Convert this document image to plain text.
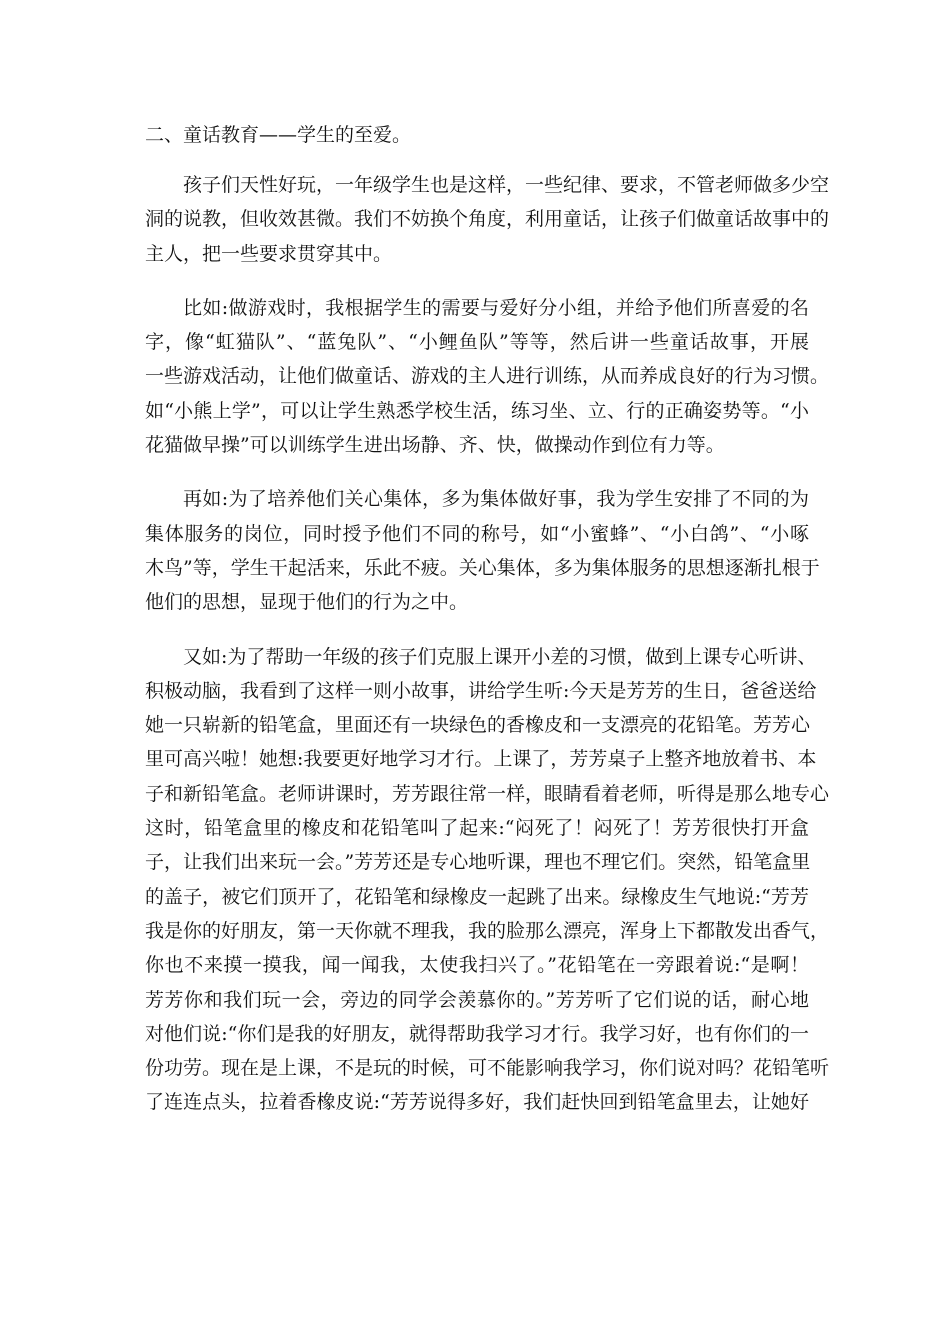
二、童话教育——学生的至爱。
孩子们天性好玩，一年级学生也是这样，一些纪律、要求，不管老师做多少空
洞的说教，但收效甚微。我们不妨换个角度，利用童话，让孩子们做童话故事中的
主人，把一些要求贯穿其中。
比如:做游戏时，我根据学生的需要与爱好分小组，并给予他们所喜爱的名
字，像“虹猫队”、“蓝兔队”、“小鲤鱼队”等等，然后讲一些童话故事，开展
一些游戏活动，让他们做童话、游戏的主人进行训练，从而养成良好的行为习惯。
如“小熊上学”，可以让学生熟悉学校生活，练习坐、立、行的正确姿势等。“小
花猫做早操”可以训练学生进出场静、齐、快，做操动作到位有力等。
再如:为了培养他们关心集体，多为集体做好事，我为学生安排了不同的为
集体服务的岗位，同时授予他们不同的称号，如“小蜜蜂”、“小白鸽”、“小啄
木鸟”等，学生干起活来，乐此不疲。关心集体，多为集体服务的思想逐渐扎根于
他们的思想，显现于他们的行为之中。
又如:为了帮助一年级的孩子们克服上课开小差的习惯，做到上课专心听讲、
积极动脑，我看到了这样一则小故事，讲给学生听:今天是芳芳的生日，爸爸送给
她一只崭新的铅笔盒，里面还有一块绿色的香橡皮和一支漂亮的花铅笔。芳芳心
里可高兴啦！她想:我要更好地学习才行。上课了，芳芳桌子上整齐地放着书、本
子和新铅笔盒。老师讲课时，芳芳跟往常一样，眼睛看着老师，听得是那么地专心
这时，铅笔盒里的橡皮和花铅笔叫了起来:“闷死了！闷死了！芳芳很快打开盒
子，让我们出来玩一会。”芳芳还是专心地听课，理也不理它们。突然，铅笔盒里
的盖子，被它们顶开了，花铅笔和绿橡皮一起跳了出来。绿橡皮生气地说:“芳芳
我是你的好朋友，第一天你就不理我，我的脸那么漂亮，浑身上下都散发出香气，
你也不来摸一摸我，闻一闻我，太使我扫兴了。”花铅笔在一旁跟着说:“是啊！
芳芳你和我们玩一会，旁边的同学会羡慕你的。”芳芳听了它们说的话，耐心地
对他们说:“你们是我的好朋友，就得帮助我学习才行。我学习好，也有你们的一
份功劳。现在是上课，不是玩的时候，可不能影响我学习，你们说对吗？花铅笔听
了连连点头，拉着香橡皮说:“芳芳说得多好，我们赶快回到铅笔盒里去，让她好
